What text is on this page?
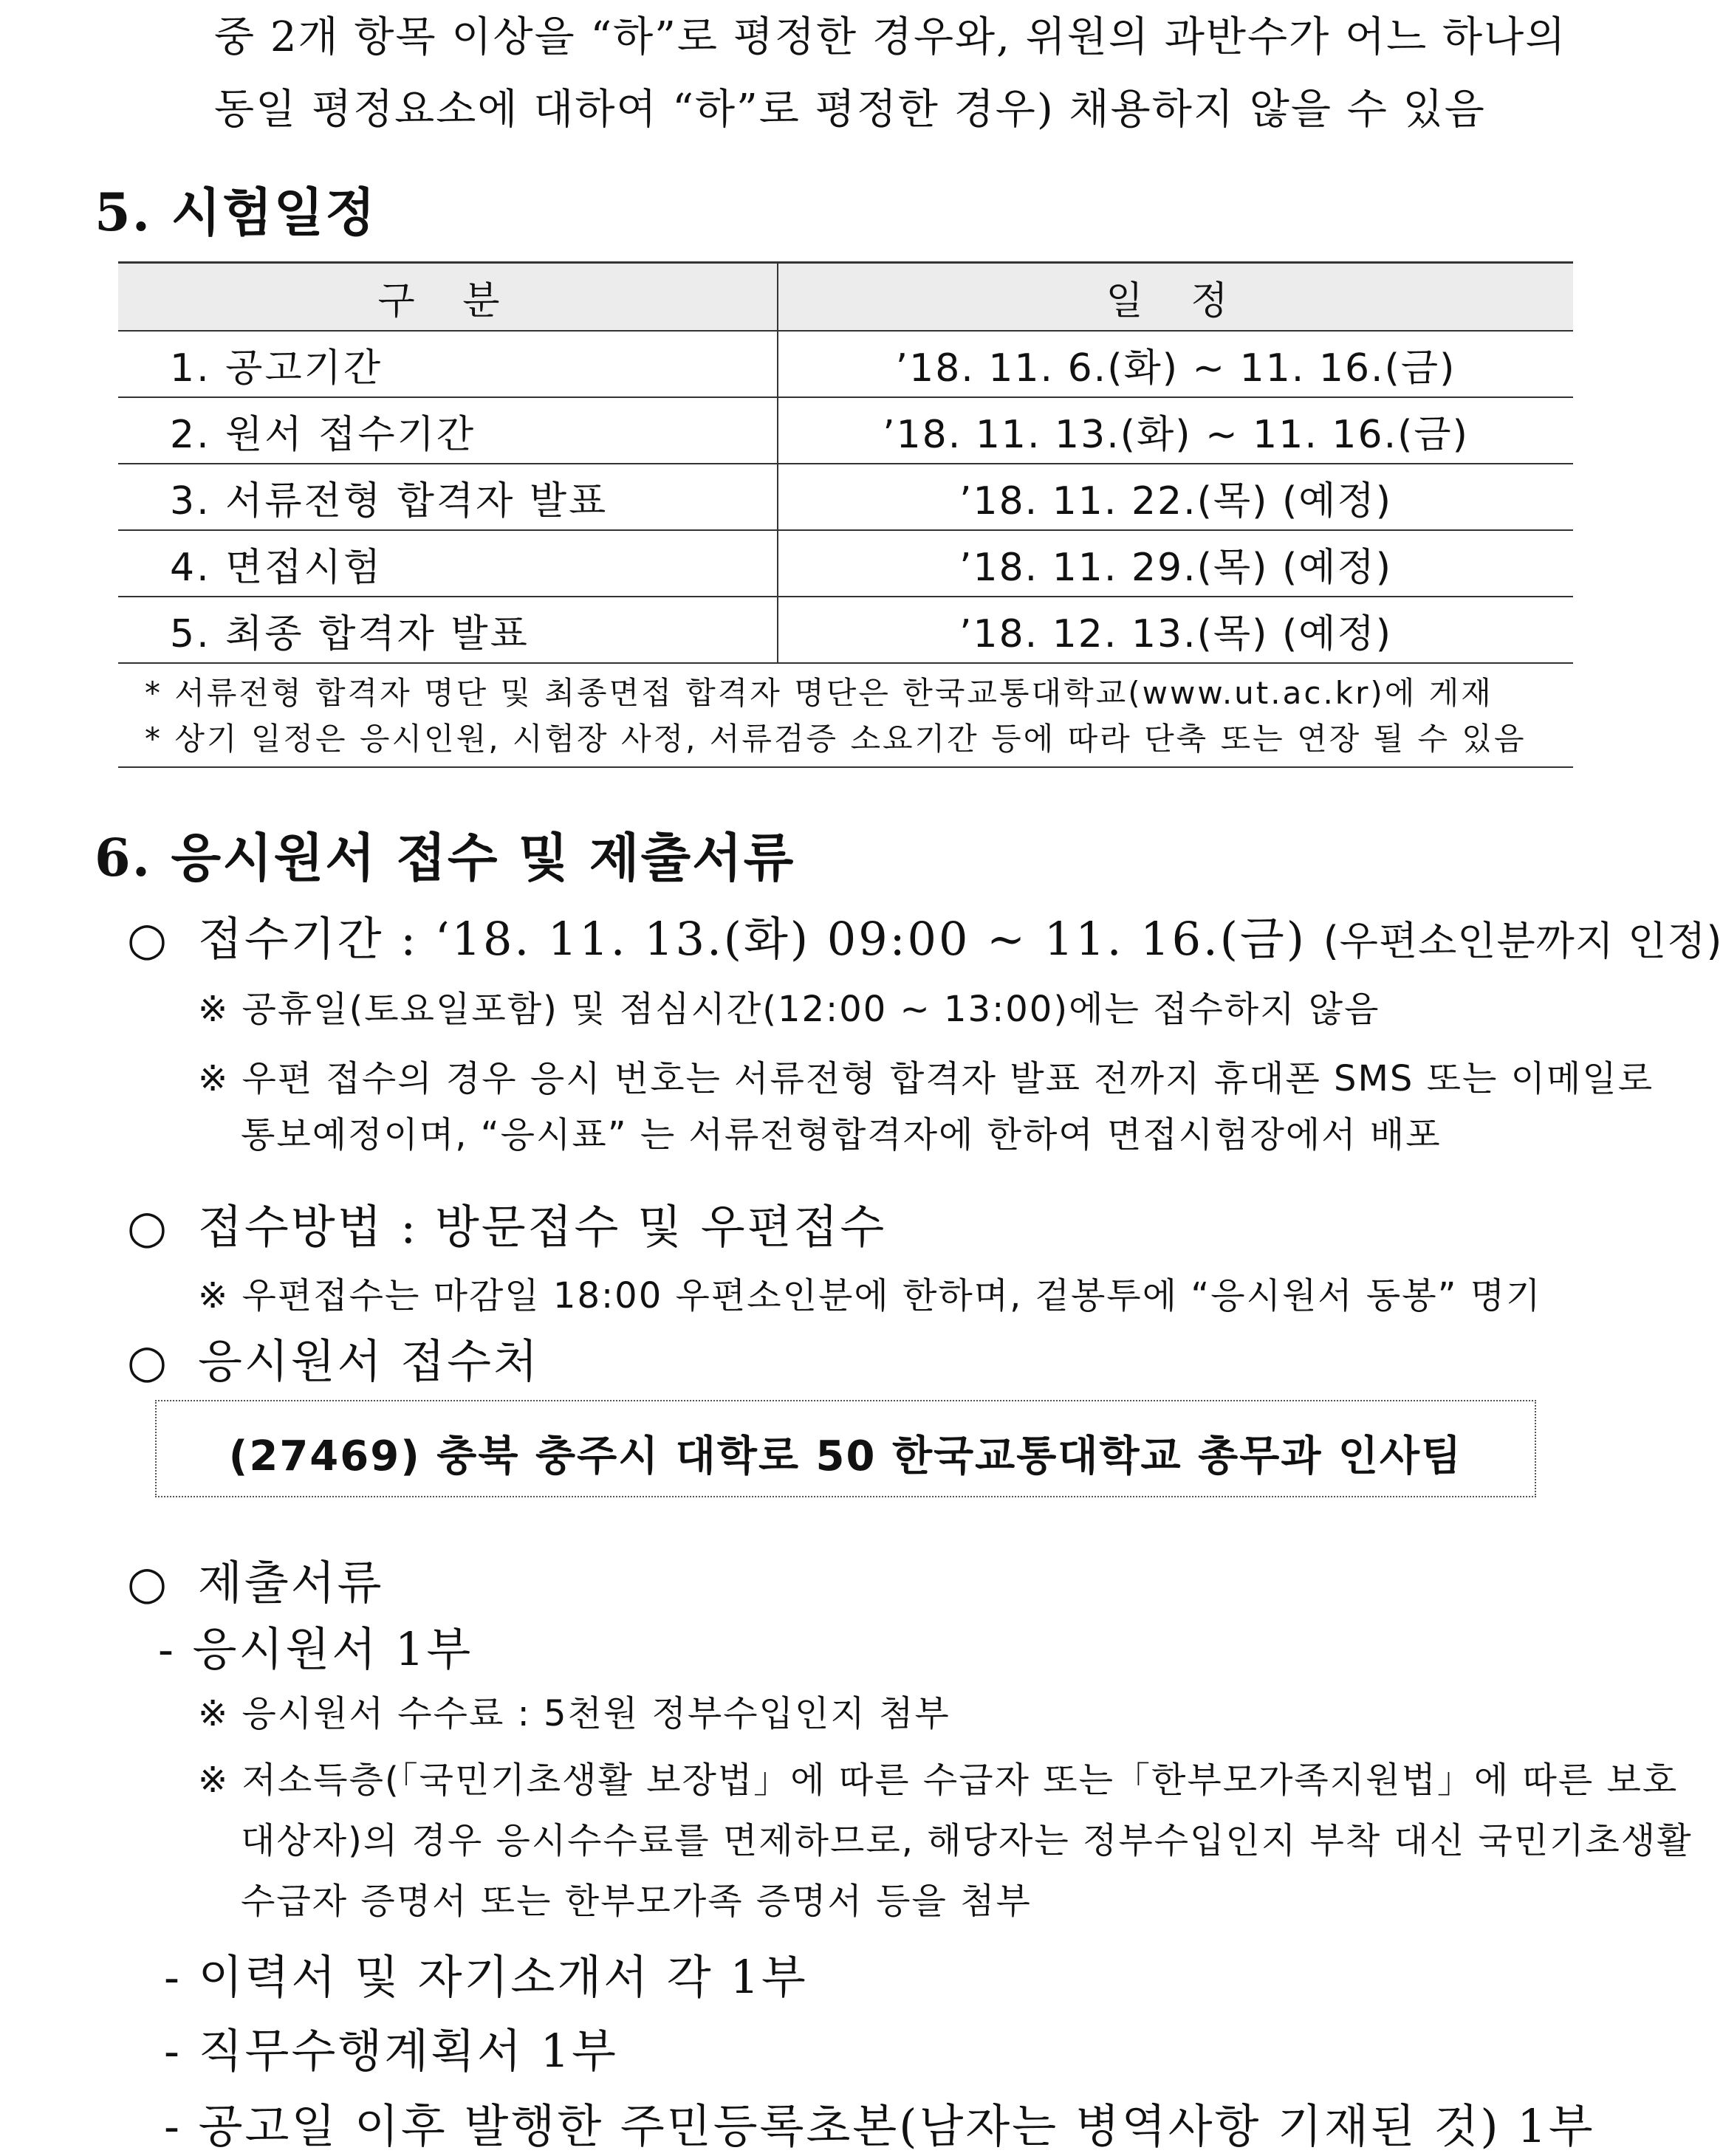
중 2개 항목 이상을 “하”로 평정한 경우와, 위원의 과반수가 어느 하나의
동일 평정요소에 대하여 “하”로 평정한 경우) 채용하지 않을 수 있음
5. 시험일정
구 분	일 정
1. 공고기간	’18. 11. 6.(화) ~ 11. 16.(금)
2. 원서 접수기간	’18. 11. 13.(화) ~ 11. 16.(금)
3. 서류전형 합격자 발표	’18. 11. 22.(목) (예정)
4. 면접시험	’18. 11. 29.(목) (예정)
5. 최종 합격자 발표	’18. 12. 13.(목) (예정)
* 서류전형 합격자 명단 및 최종면접 합격자 명단은 한국교통대학교(www.ut.ac.kr)에 게재
* 상기 일정은 응시인원, 시험장 사정, 서류검증 소요기간 등에 따라 단축 또는 연장 될 수 있음
6. 응시원서 접수 및 제출서류
○ 접수기간 : ‘18. 11. 13.(화) 09:00 ~ 11. 16.(금) (우편소인분까지 인정)
※ 공휴일(토요일포함) 및 점심시간(12:00 ~ 13:00)에는 접수하지 않음
※ 우편 접수의 경우 응시 번호는 서류전형 합격자 발표 전까지 휴대폰 SMS 또는 이메일로
통보예정이며, “응시표” 는 서류전형합격자에 한하여 면접시험장에서 배포
○ 접수방법 : 방문접수 및 우편접수
※ 우편접수는 마감일 18:00 우편소인분에 한하며, 겉봉투에 “응시원서 동봉” 명기
○ 응시원서 접수처
(27469) 충북 충주시 대학로 50 한국교통대학교 총무과 인사팀
○ 제출서류
- 응시원서 1부
※ 응시원서 수수료 : 5천원 정부수입인지 첨부
※ 저소득층(「국민기초생활 보장법」에 따른 수급자 또는「한부모가족지원법」에 따른 보호
대상자)의 경우 응시수수료를 면제하므로, 해당자는 정부수입인지 부착 대신 국민기초생활
수급자 증명서 또는 한부모가족 증명서 등을 첨부
- 이력서 및 자기소개서 각 1부
- 직무수행계획서 1부
- 공고일 이후 발행한 주민등록초본(남자는 병역사항 기재된 것) 1부
